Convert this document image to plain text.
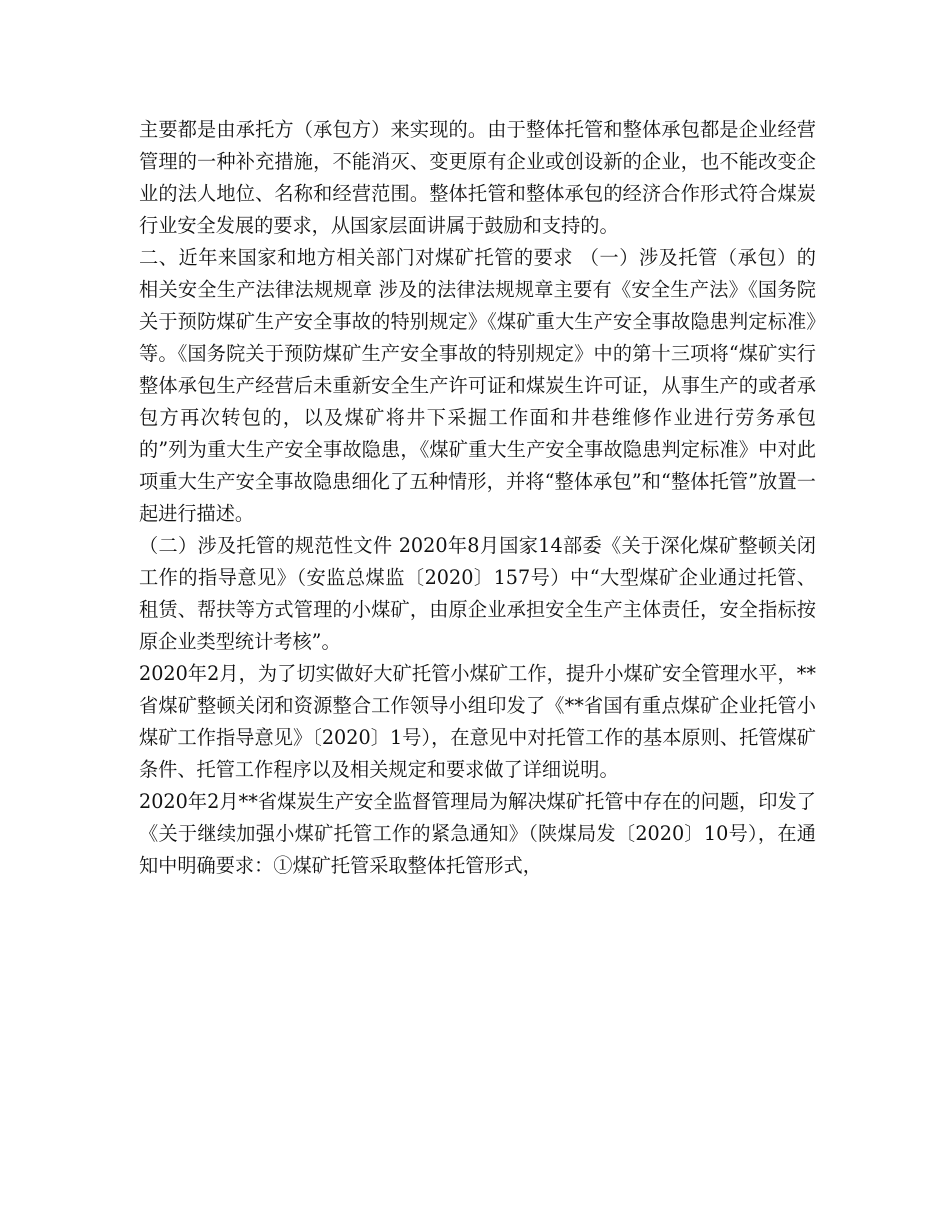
主要都是由承托方（承包方）来实现的。由于整体托管和整体承包都是企业经营管理的一种补充措施，不能消灭、变更原有企业或创设新的企业，也不能改变企业的法人地位、名称和经营范围。整体托管和整体承包的经济合作形式符合煤炭行业安全发展的要求，从国家层面讲属于鼓励和支持的。

二、近年来国家和地方相关部门对煤矿托管的要求 （一）涉及托管（承包）的相关安全生产法律法规规章 涉及的法律法规规章主要有《安全生产法》《国务院关于预防煤矿生产安全事故的特别规定》《煤矿重大生产安全事故隐患判定标准》等。《国务院关于预防煤矿生产安全事故的特别规定》中的第十三项将“煤矿实行整体承包生产经营后未重新安全生产许可证和煤炭生许可证，从事生产的或者承包方再次转包的，以及煤矿将井下采掘工作面和井巷维修作业进行劳务承包的”列为重大生产安全事故隐患，《煤矿重大生产安全事故隐患判定标准》中对此项重大生产安全事故隐患细化了五种情形，并将“整体承包”和“整体托管”放置一起进行描述。

（二）涉及托管的规范性文件 2020年8月国家14部委《关于深化煤矿整顿关闭工作的指导意见》（安监总煤监〔2020〕157号）中“大型煤矿企业通过托管、租赁、帮扶等方式管理的小煤矿，由原企业承担安全生产主体责任，安全指标按原企业类型统计考核”。

2020年2月，为了切实做好大矿托管小煤矿工作，提升小煤矿安全管理水平，**省煤矿整顿关闭和资源整合工作领导小组印发了《**省国有重点煤矿企业托管小煤矿工作指导意见》〔2020〕1号），在意见中对托管工作的基本原则、托管煤矿条件、托管工作程序以及相关规定和要求做了详细说明。

2020年2月**省煤炭生产安全监督管理局为解决煤矿托管中存在的问题，印发了《关于继续加强小煤矿托管工作的紧急通知》（陕煤局发〔2020〕10号），在通知中明确要求：①煤矿托管采取整体托管形式，
